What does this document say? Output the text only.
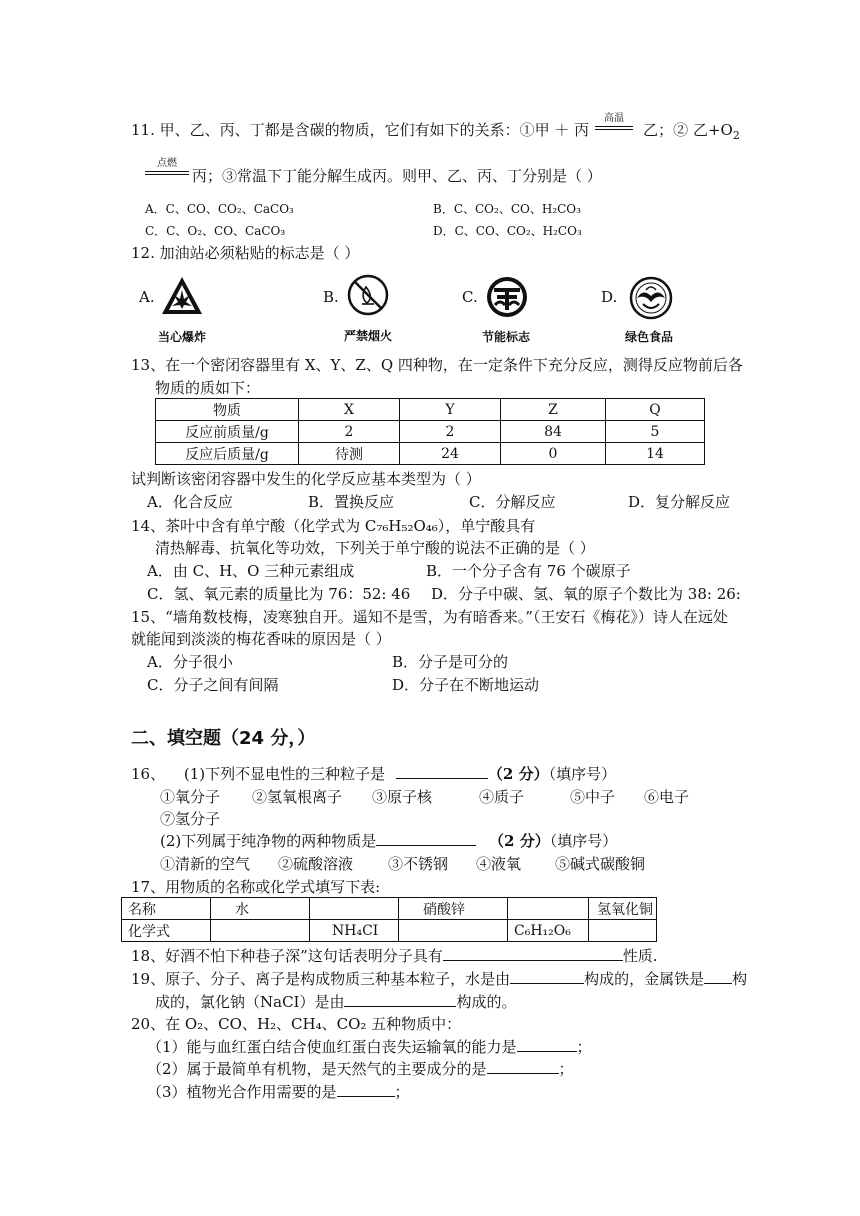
11. 甲、乙、丙、丁都是含碳的物质，它们有如下的关系：①甲 ＋ 丙	乙；② 乙$+O_2$
高温
点燃
丙；③常温下丁能分解生成丙。则甲、乙、丙、丁分别是（ ）
A．C、CO、CO₂、CaCO₃	B．C、CO₂、CO、H₂CO₃
C．C、O₂、CO、CaCO₃	D．C、CO、CO₂、H₂CO₃
12. 加油站必须粘贴的标志是（ ）
A.	B.	C.	D.
当心爆炸	严禁烟火	节能标志	绿色食品
13、在一个密闭容器里有 X、Y、Z、Q 四种物，在一定条件下充分反应，测得反应物前后各
物质的质如下：
物质	X	Y	Z	Q
反应前质量/g	2	2	84	5
反应后质量/g	待测	24	0	14
试判断该密闭容器中发生的化学反应基本类型为（ ）
A．化合反应	B．置换反应	C．分解反应	D．复分解反应
14、茶叶中含有单宁酸（化学式为 C₇₆H₅₂O₄₆），单宁酸具有
清热解毒、抗氧化等功效，下列关于单宁酸的说法不正确的是（ ）
A．由 C、H、O 三种元素组成	B．一个分子含有 76 个碳原子
C．氢、氧元素的质量比为 76：52: 46 D．分子中碳、氢、氧的原子个数比为 38: 26:
15、“墙角数枝梅，凌寒独自开。遥知不是雪，为有暗香来。”（王安石《梅花》）诗人在远处
就能闻到淡淡的梅花香味的原因是（ ）
A．分子很小	B．分子是可分的
C．分子之间有间隔	D．分子在不断地运动
二、填空题（24 分，）
16、 (1)下列不显电性的三种粒子是	（2 分）（填序号）
①氧分子 ②氢氧根离子 ③原子核	④质子	⑤中子 ⑥电子
⑦氢分子
(2)下列属于纯净物的两种物质是	（2 分）（填序号）
①清新的空气 ②硫酸溶液 ③不锈钢 ④液氧 ⑤碱式碳酸铜
17、用物质的名称或化学式填写下表:
名称	水		硝酸锌		氢氧化铜
化学式		NH₄CI		C₆H₁₂O₆	
18、好酒不怕下种巷子深”这句话表明分子具有	性质.
19、原子、分子、离子是构成物质三种基本粒子，水是由	构成的，金属铁是 构
成的，氯化钠（NaCI）是由	构成的。
20、在 O₂、CO、H₂、CH₄、CO₂ 五种物质中：
（1）能与血红蛋白结合使血红蛋白丧失运输氧的能力是	；
（2）属于最简单有机物，是天然气的主要成分的是	；
（3）植物光合作用需要的是	；
